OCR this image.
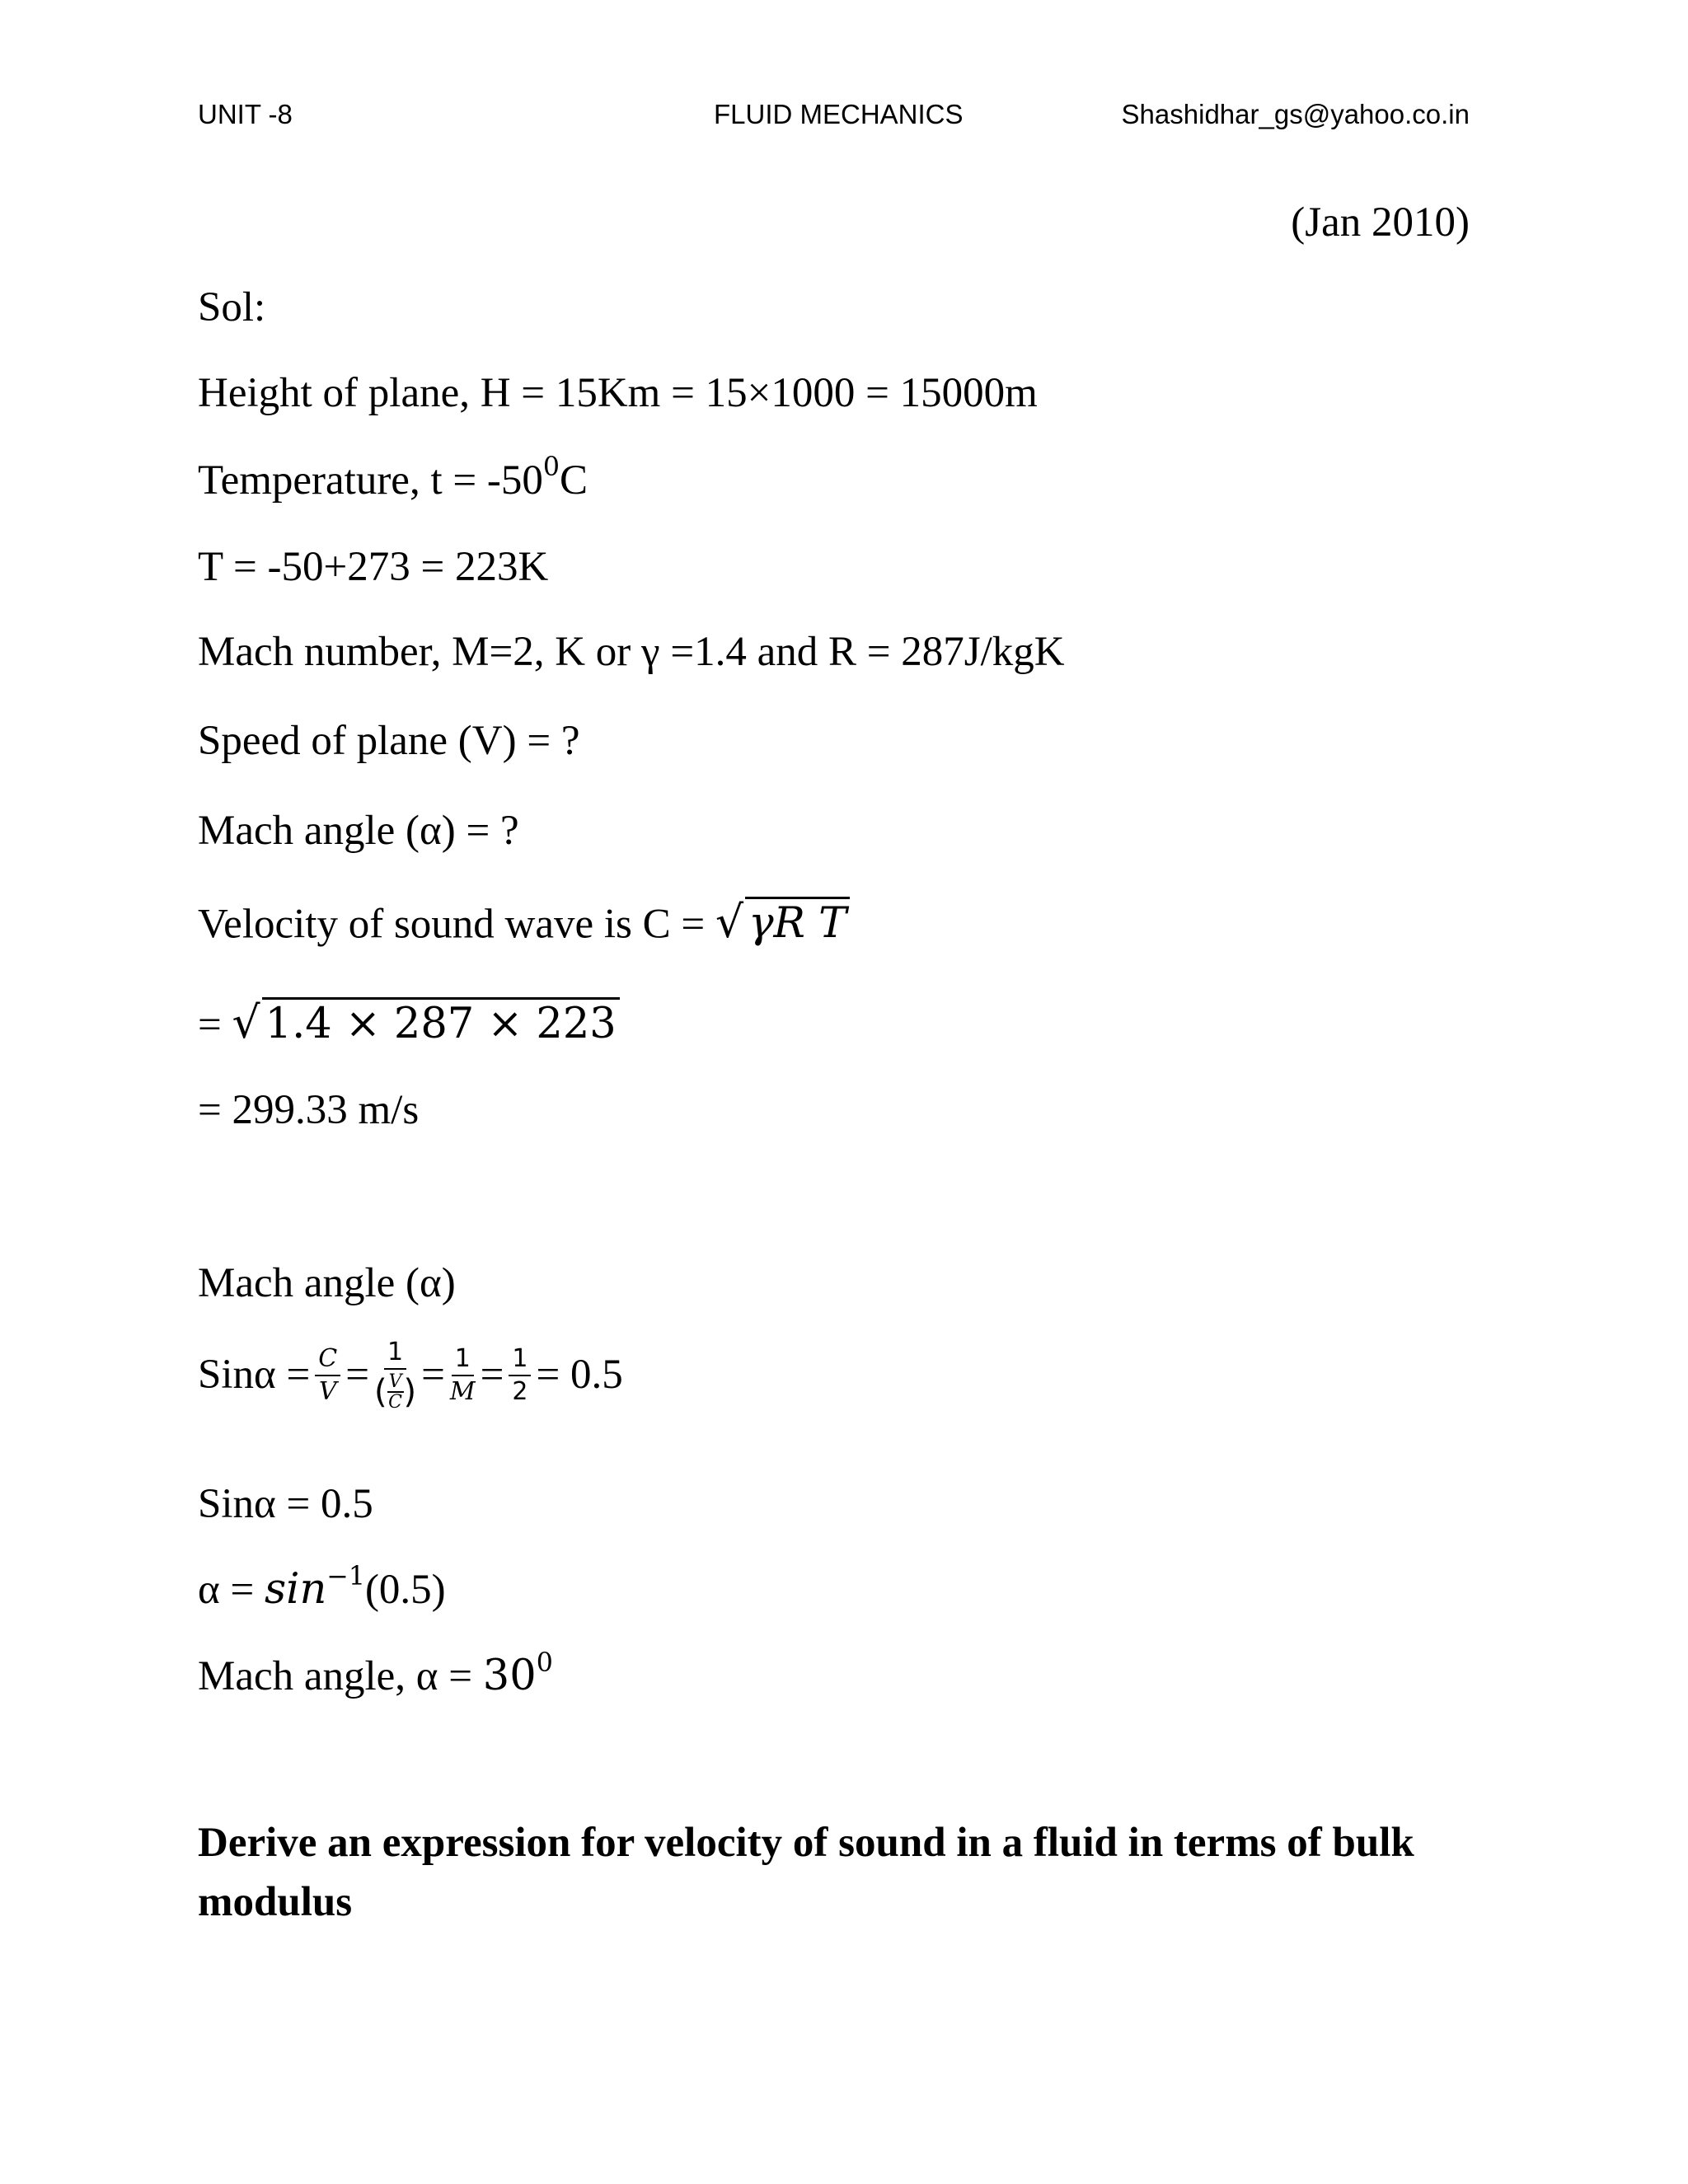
UNIT -8	FLUID MECHANICS	Shashidhar_gs@yahoo.co.in
(Jan 2010)
Sol:
Height of plane, H = 15Km = 15×1000 = 15000m
Temperature, $t = -50^0C$
T = -50+273 = 223K
Mach number, M=2, K or γ =1.4 and R = 287J/kgK
Speed of plane (V) = ?
Mach angle (α) = ?
Velocity of sound wave is C = √ γR T
= √ 1.4 × 287 × 223
= 299.33 m/s
Mach angle (α)
$Sin\alpha = \frac{C}{V} = \frac{1}{( \frac{V}{C} )} = \frac{1}{M} = \frac{1}{2} = 0.5$
Sinα = 0.5
$\alpha = \sin^{-1}(0.5)$
Mach angle, $\alpha = 30^0$
Derive an expression for velocity of sound in a fluid in terms of bulk modulus
